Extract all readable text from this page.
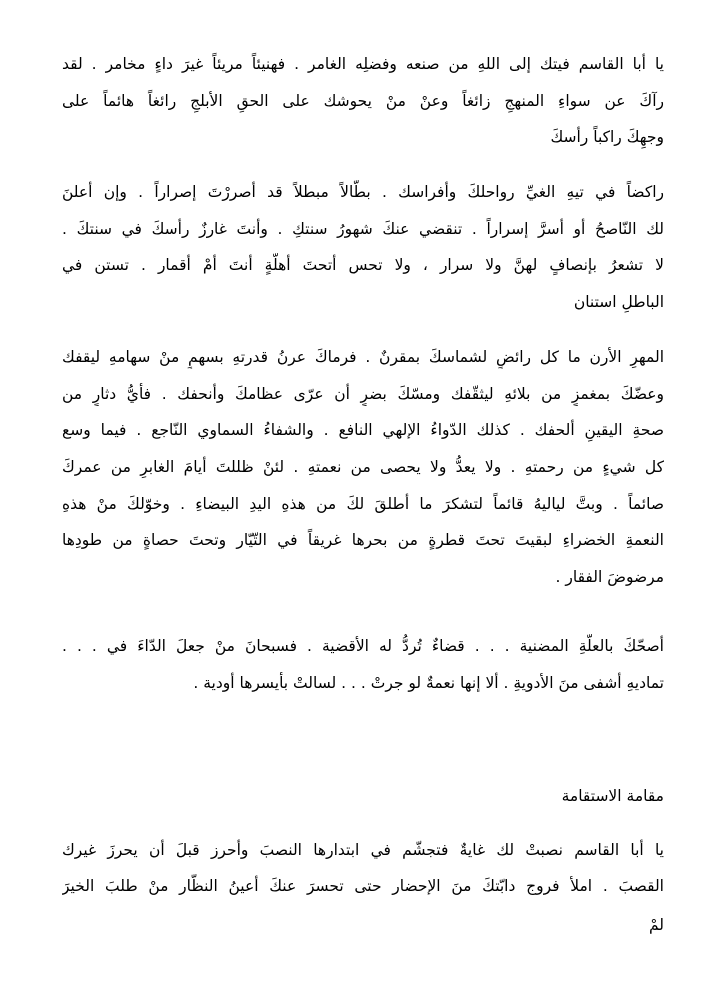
يا أبا القاسم فيتك إلى اللهِ من صنعه وفضلِه الغامر . فهنيئاً مريئاً غيرَ داءٍ مخامر . لقد
رآكَ عن سواءِ المنهجِ زائغاً وعنْ منْ يحوشك على الحقِ الأبلجِ رائغاً هائماً على
وجهِكَ راكباً رأسكَ
راكضاً في تيهِ الغيِّ رواحلكَ وأفراسك . بطّالاً مبطلاً قد أصررْتَ إصراراً . وإن أعلنَ
لك النّاصحُ أو أسرَّ إسراراً . تنقضي عنكَ شهورُ سنتكِ . وأنتَ غارزٌ رأسكَ في سنتكَ .
لا تشعرُ بإنصافٍ لهنَّ ولا سرار ، ولا تحس أتحتَ أهلّةٍ أنتَ أمْ أقمار . تستن في
الباطلِ استنان
المهرِ الأرن ما كل رائضٍ لشماسكَ بمقرنٌ . فرماكَ عرنُ قدرتهِ بسهمٍ منْ سهامهِ ليقفك
وعضّكَ بمغمزٍ من بلائهِ ليثقّفك ومسّكَ بضرٍ أن عرّى عظامكَ وأنحفك . فأيُّ دثارٍ من
صحةِ اليقينِ ألحفك . كذلك الدّواءُ الإلهي النافع . والشفاءُ السماوي النّاجع . فيما وسع
كل شيءٍ من رحمتهِ . ولا يعدُّ ولا يحصى من نعمتهِ . لئنْ ظللتَ أيامَ الغابرِ من عمركَ
صائماً . وبتَّ لياليهُ قائماً لتشكرَ ما أطلقَ لكَ من هذهِ اليدِ البيضاءِ . وخوّلكَ منْ هذهِ
النعمةِ الخضراءِ لبقيتَ تحتَ قطرةٍ من بحرها غريقاً في التّيّار وتحتَ حصاةٍ من طودِها
مرضوضَ الفقار .
أصحّكَ بالعلّةِ المضنية . . . قضاءٌ تُردُّ له الأقضية . فسبحانَ منْ جعلَ الدّاءَ في . . .
تماديهِ أشفى منَ الأدويةِ . ألا إنها نعمةٌ لو جرتْ . . . لسالتْ بأيسرها أودية .
مقامة الاستقامة
يا أبا القاسم نصبتْ لك غايةٌ فتجشّم في ابتدارها النصبَ وأحرز قبلَ أن يحرزَ غيرك
القصبَ . املأ فروج دابّتكَ منَ الإحضار حتى تحسرَ عنكَ أعينُ النظّار منْ طلبَ الخيرَ
لمْ
